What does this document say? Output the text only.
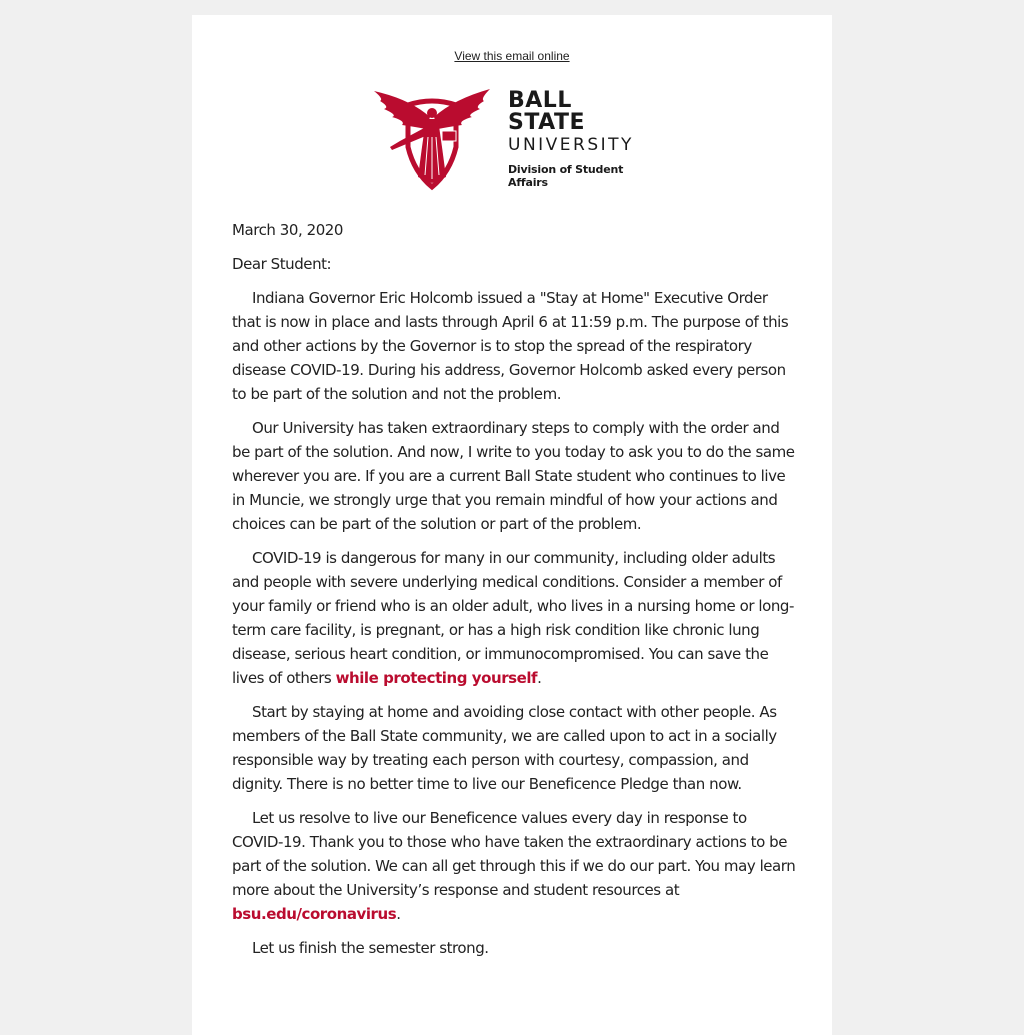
View this email online
BALL STATE
UNIVERSITY
Division of Student Affairs

March 30, 2020

Dear Student:

Indiana Governor Eric Holcomb issued a "Stay at Home" Executive Order that is now in place and lasts through April 6 at 11:59 p.m. The purpose of this and other actions by the Governor is to stop the spread of the respiratory disease COVID-19. During his address, Governor Holcomb asked every person to be part of the solution and not the problem.

Our University has taken extraordinary steps to comply with the order and be part of the solution. And now, I write to you today to ask you to do the same wherever you are. If you are a current Ball State student who continues to live in Muncie, we strongly urge that you remain mindful of how your actions and choices can be part of the solution or part of the problem.

COVID-19 is dangerous for many in our community, including older adults and people with severe underlying medical conditions. Consider a member of your family or friend who is an older adult, who lives in a nursing home or long-term care facility, is pregnant, or has a high risk condition like chronic lung disease, serious heart condition, or immunocompromised. You can save the lives of others while protecting yourself.

Start by staying at home and avoiding close contact with other people. As members of the Ball State community, we are called upon to act in a socially responsible way by treating each person with courtesy, compassion, and dignity. There is no better time to live our Beneficence Pledge than now.

Let us resolve to live our Beneficence values every day in response to COVID-19. Thank you to those who have taken the extraordinary actions to be part of the solution. We can all get through this if we do our part. You may learn more about the University’s response and student resources at bsu.edu/coronavirus.

Let us finish the semester strong.
